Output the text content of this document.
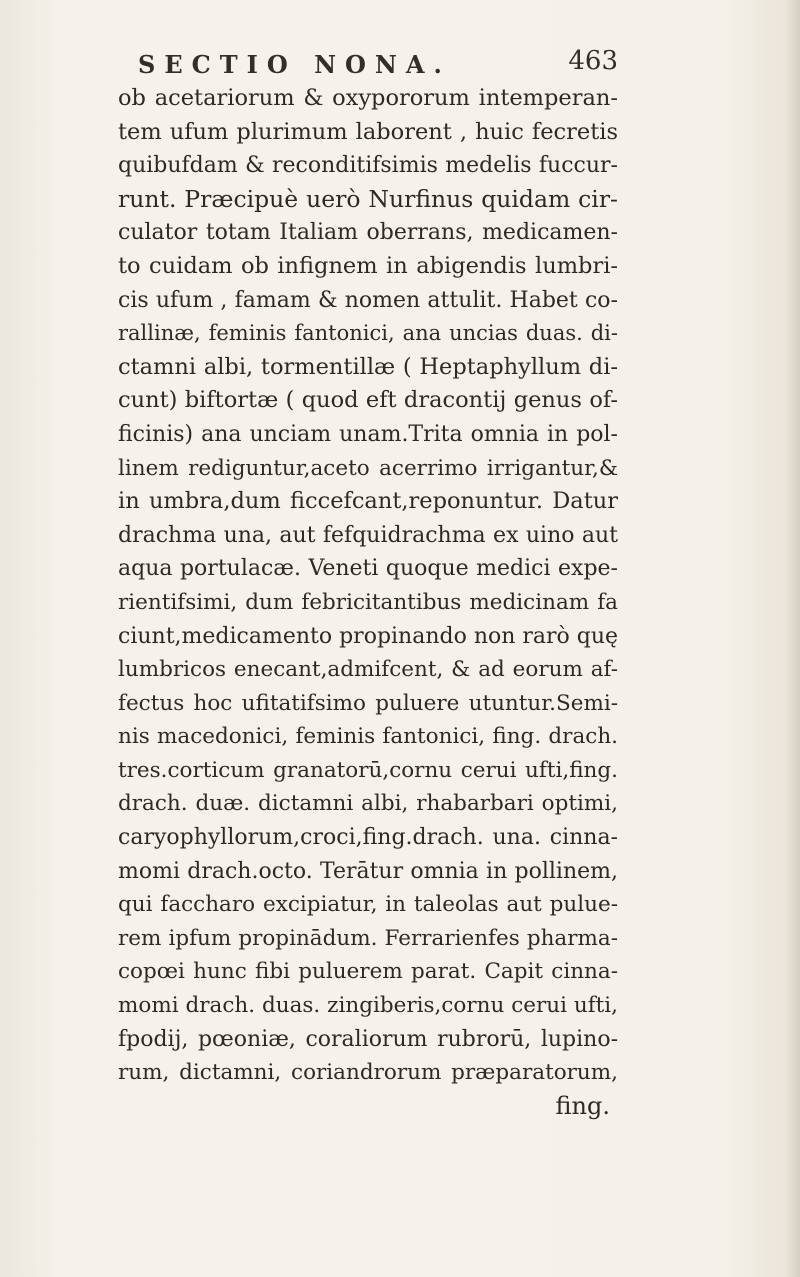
SECTIO NONA.	463
ob acetariorum & oxypororum intemperan-
tem ufum plurimum laborent , huic fecretis
quibufdam & reconditifsimis medelis fuccur-
runt. Præcipuè uerò Nurfinus quidam cir-
culator totam Italiam oberrans, medicamen-
to cuidam ob infignem in abigendis lumbri-
cis ufum , famam & nomen attulit. Habet co-
rallinæ, feminis fantonici, ana uncias duas. di-
ctamni albi, tormentillæ ( Heptaphyllum di-
cunt) biftortæ ( quod eft dracontij genus of-
ficinis) ana unciam unam.Trita omnia in pol-
linem rediguntur,aceto acerrimo irrigantur,&
in umbra,dum ficcefcant,reponuntur. Datur
drachma una, aut fefquidrachma ex uino aut
aqua portulacæ. Veneti quoque medici expe-
rientifsimi, dum febricitantibus medicinam fa
ciunt,medicamento propinando non rarò quę
lumbricos enecant,admifcent, & ad eorum af-
fectus hoc ufitatifsimo puluere utuntur.Semi-
nis macedonici, feminis fantonici, fing. drach.
tres.corticum granatorū,cornu cerui ufti,fing.
drach. duæ. dictamni albi, rhabarbari optimi,
caryophyllorum,croci,fing.drach. una. cinna-
momi drach.octo. Terātur omnia in pollinem,
qui faccharo excipiatur, in taleolas aut pulue-
rem ipfum propinādum. Ferrarienfes pharma-
copœi hunc fibi puluerem parat. Capit cinna-
momi drach. duas. zingiberis,cornu cerui ufti,
fpodij, pœoniæ, coraliorum rubrorū, lupino-
rum, dictamni, coriandrorum præparatorum,
fing.
